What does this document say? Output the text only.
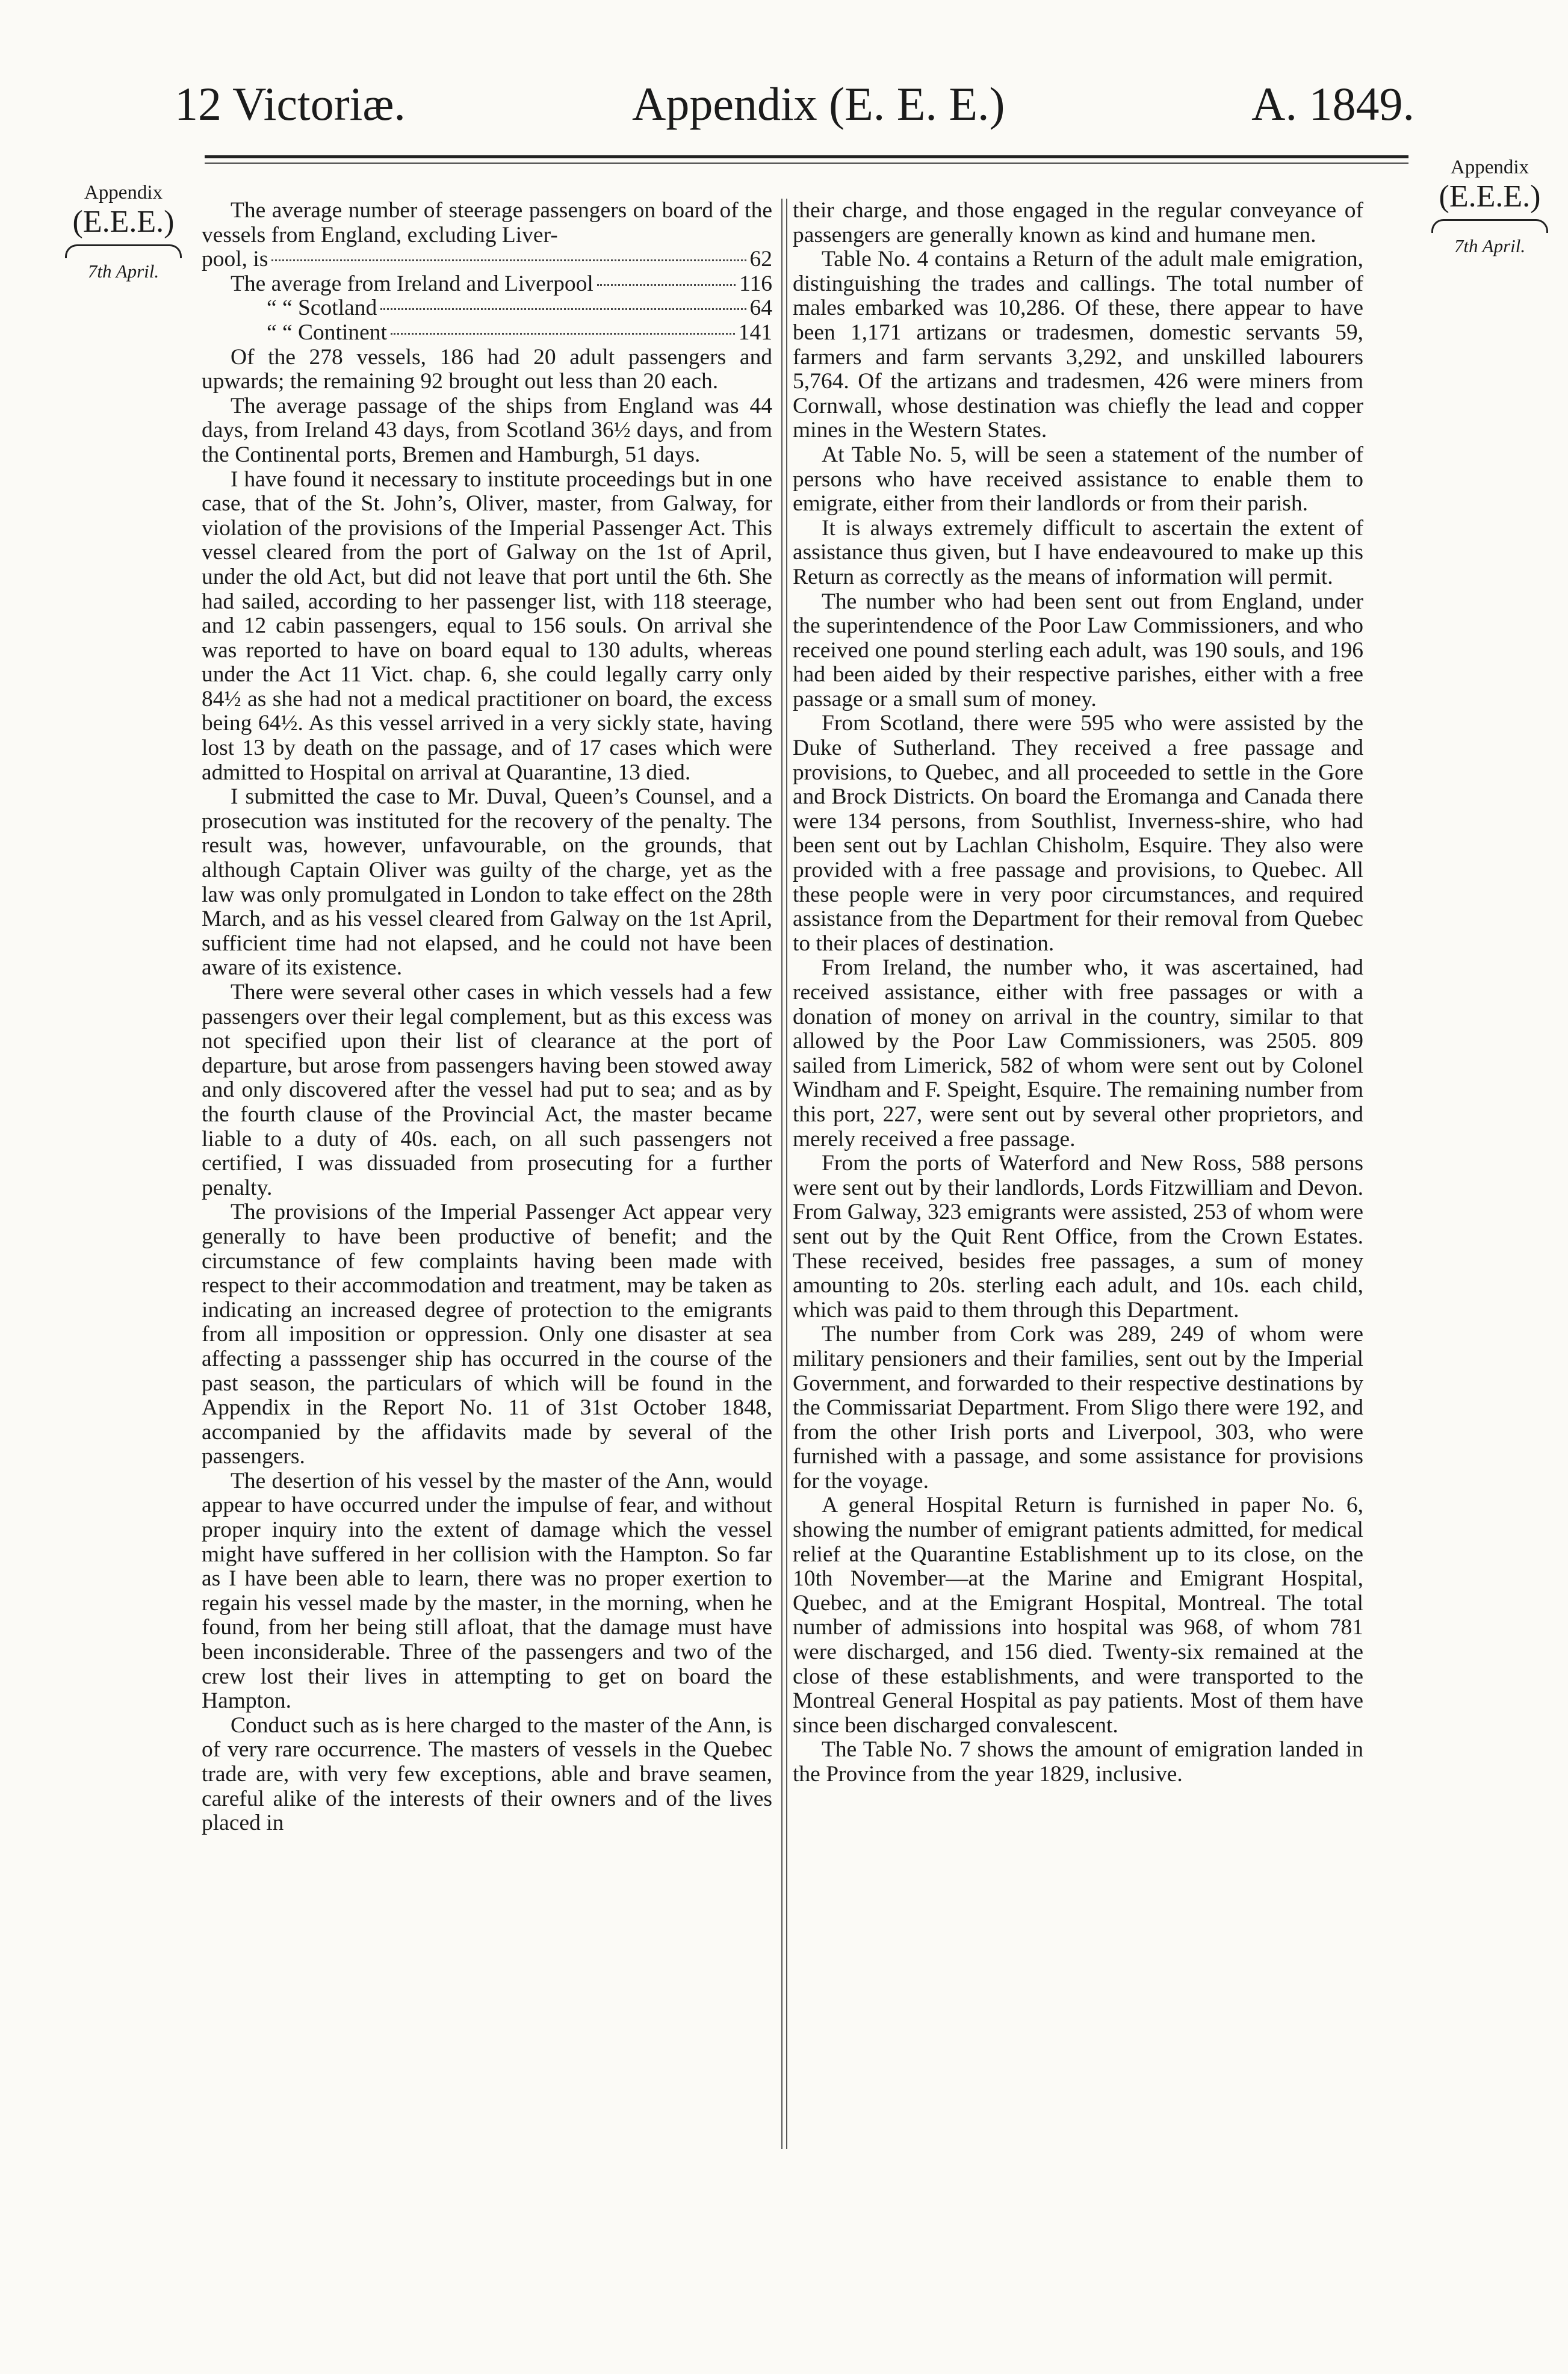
12 Victoriæ.	Appendix (E. E. E.)	A. 1849.
Appendix
(E.E.E.)
7th April.
Appendix
(E.E.E.)
7th April.

The average number of steerage passengers on board of the vessels from England, excluding Liver-

pool, is	62
The average from Ireland and Liverpool	116
“ “ Scotland	64
“ “ Continent	141

Of the 278 vessels, 186 had 20 adult passengers and upwards; the remaining 92 brought out less than 20 each.

The average passage of the ships from England was 44 days, from Ireland 43 days, from Scotland 36½ days, and from the Continental ports, Bremen and Hamburgh, 51 days.

I have found it necessary to institute proceedings but in one case, that of the St. John’s, Oliver, master, from Galway, for violation of the provisions of the Imperial Passenger Act. This vessel cleared from the port of Galway on the 1st of April, under the old Act, but did not leave that port until the 6th. She had sailed, according to her passenger list, with 118 steerage, and 12 cabin passengers, equal to 156 souls. On arrival she was reported to have on board equal to 130 adults, whereas under the Act 11 Vict. chap. 6, she could legally carry only 84½ as she had not a medical practitioner on board, the excess being 64½. As this vessel arrived in a very sickly state, having lost 13 by death on the passage, and of 17 cases which were admitted to Hospital on arrival at Quarantine, 13 died.

I submitted the case to Mr. Duval, Queen’s Counsel, and a prosecution was instituted for the recovery of the penalty. The result was, however, unfavourable, on the grounds, that although Captain Oliver was guilty of the charge, yet as the law was only promulgated in London to take effect on the 28th March, and as his vessel cleared from Galway on the 1st April, sufficient time had not elapsed, and he could not have been aware of its existence.

There were several other cases in which vessels had a few passengers over their legal complement, but as this excess was not specified upon their list of clearance at the port of departure, but arose from passengers having been stowed away and only discovered after the vessel had put to sea; and as by the fourth clause of the Provincial Act, the master became liable to a duty of 40s. each, on all such passengers not certified, I was dissuaded from prosecuting for a further penalty.

The provisions of the Imperial Passenger Act appear very generally to have been productive of benefit; and the circumstance of few complaints having been made with respect to their accommodation and treatment, may be taken as indicating an increased degree of protection to the emigrants from all imposition or oppression. Only one disaster at sea affecting a passsenger ship has occurred in the course of the past season, the particulars of which will be found in the Appendix in the Report No. 11 of 31st October 1848, accompanied by the affidavits made by several of the passengers.

The desertion of his vessel by the master of the Ann, would appear to have occurred under the impulse of fear, and without proper inquiry into the extent of damage which the vessel might have suffered in her collision with the Hampton. So far as I have been able to learn, there was no proper exertion to regain his vessel made by the master, in the morning, when he found, from her being still afloat, that the damage must have been inconsiderable. Three of the passengers and two of the crew lost their lives in attempting to get on board the Hampton.

Conduct such as is here charged to the master of the Ann, is of very rare occurrence. The masters of vessels in the Quebec trade are, with very few exceptions, able and brave seamen, careful alike of the interests of their owners and of the lives placed in

their charge, and those engaged in the regular conveyance of passengers are generally known as kind and humane men.

Table No. 4 contains a Return of the adult male emigration, distinguishing the trades and callings. The total number of males embarked was 10,286. Of these, there appear to have been 1,171 artizans or tradesmen, domestic servants 59, farmers and farm servants 3,292, and unskilled labourers 5,764. Of the artizans and tradesmen, 426 were miners from Cornwall, whose destination was chiefly the lead and copper mines in the Western States.

At Table No. 5, will be seen a statement of the number of persons who have received assistance to enable them to emigrate, either from their landlords or from their parish.

It is always extremely difficult to ascertain the extent of assistance thus given, but I have endeavoured to make up this Return as correctly as the means of information will permit.

The number who had been sent out from England, under the superintendence of the Poor Law Commissioners, and who received one pound sterling each adult, was 190 souls, and 196 had been aided by their respective parishes, either with a free passage or a small sum of money.

From Scotland, there were 595 who were assisted by the Duke of Sutherland. They received a free passage and provisions, to Quebec, and all proceeded to settle in the Gore and Brock Districts. On board the Eromanga and Canada there were 134 persons, from Southlist, Inverness-shire, who had been sent out by Lachlan Chisholm, Esquire. They also were provided with a free passage and provisions, to Quebec. All these people were in very poor circumstances, and required assistance from the Department for their removal from Quebec to their places of destination.

From Ireland, the number who, it was ascertained, had received assistance, either with free passages or with a donation of money on arrival in the country, similar to that allowed by the Poor Law Commissioners, was 2505. 809 sailed from Limerick, 582 of whom were sent out by Colonel Windham and F. Speight, Esquire. The remaining number from this port, 227, were sent out by several other proprietors, and merely received a free passage.

From the ports of Waterford and New Ross, 588 persons were sent out by their landlords, Lords Fitzwilliam and Devon. From Galway, 323 emigrants were assisted, 253 of whom were sent out by the Quit Rent Office, from the Crown Estates. These received, besides free passages, a sum of money amounting to 20s. sterling each adult, and 10s. each child, which was paid to them through this Department.

The number from Cork was 289, 249 of whom were military pensioners and their families, sent out by the Imperial Government, and forwarded to their respective destinations by the Commissariat Department. From Sligo there were 192, and from the other Irish ports and Liverpool, 303, who were furnished with a passage, and some assistance for provisions for the voyage.

A general Hospital Return is furnished in paper No. 6, showing the number of emigrant patients admitted, for medical relief at the Quarantine Establishment up to its close, on the 10th November—at the Marine and Emigrant Hospital, Quebec, and at the Emigrant Hospital, Montreal. The total number of admissions into hospital was 968, of whom 781 were discharged, and 156 died. Twenty-six remained at the close of these establishments, and were transported to the Montreal General Hospital as pay patients. Most of them have since been discharged convalescent.

The Table No. 7 shows the amount of emigration landed in the Province from the year 1829, inclusive.
